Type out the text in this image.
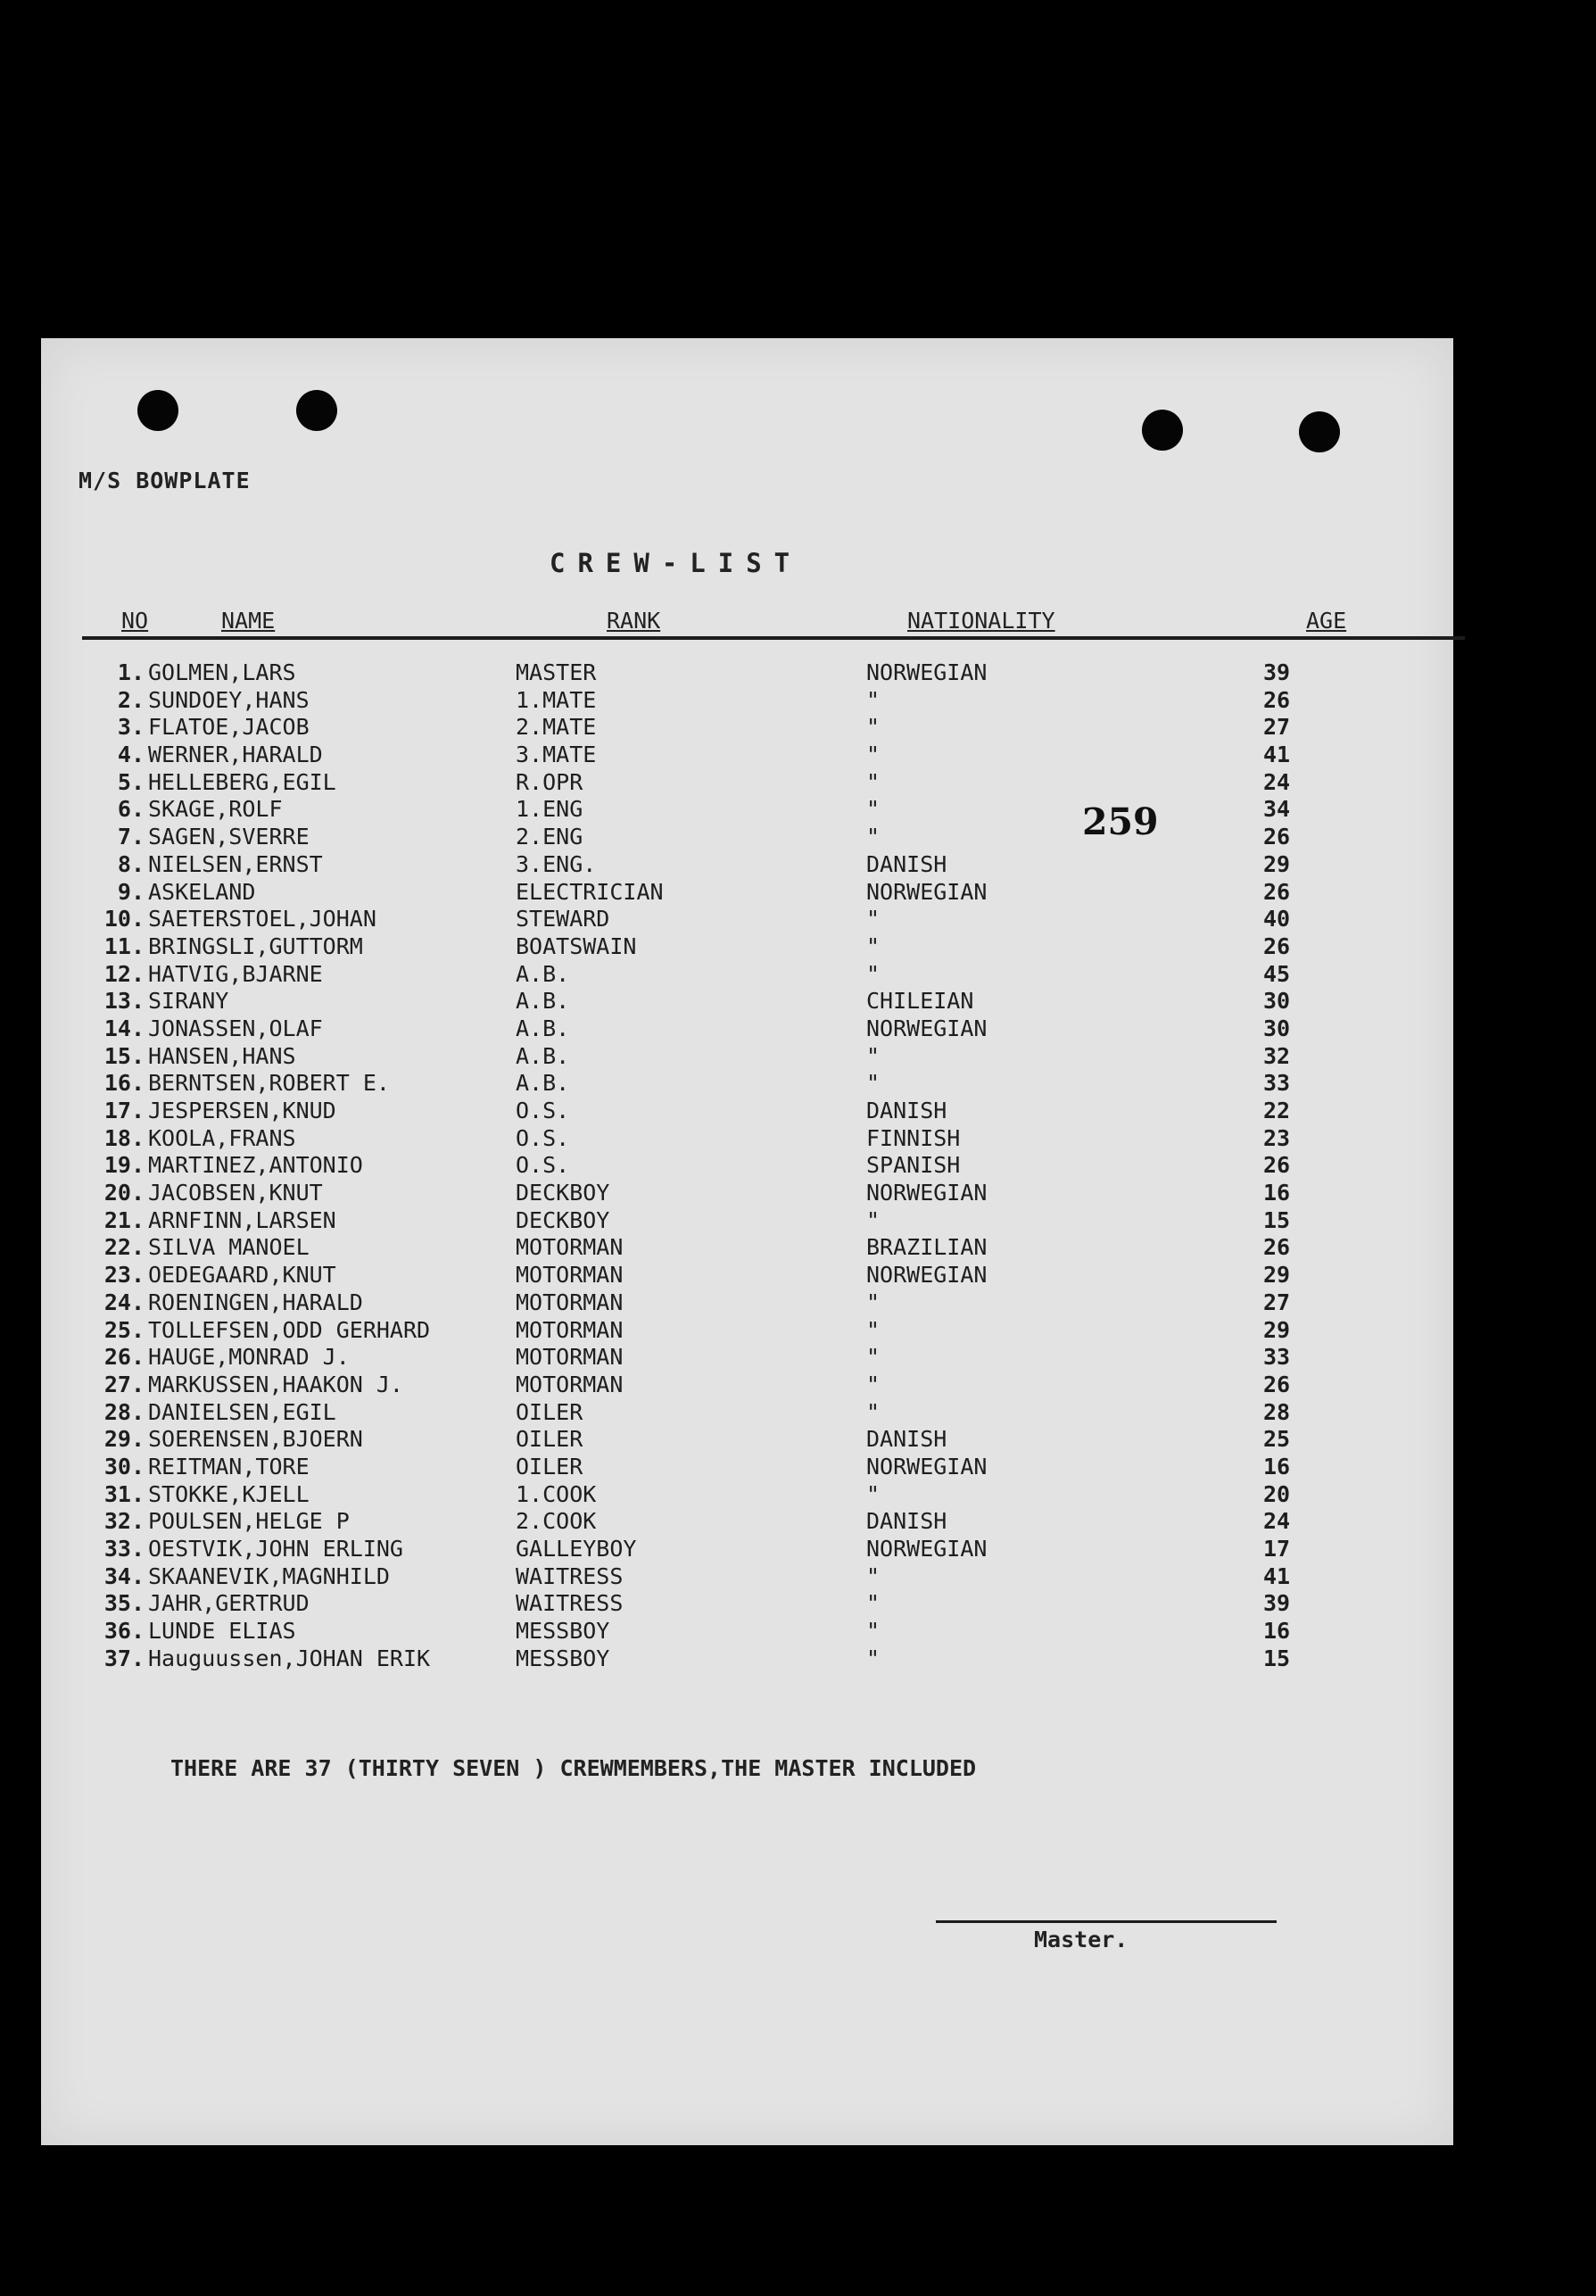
M/S BOWPLATE
CREW-LIST
NO	NAME	RANK	NATIONALITY	AGE
259
1. GOLMEN,LARS	MASTER	NORWEGIAN	39
2. SUNDOEY,HANS	1.MATE	"	26
3. FLATOE,JACOB	2.MATE	"	27
4. WERNER,HARALD	3.MATE	"	41
5. HELLEBERG,EGIL	R.OPR	"	24
6. SKAGE,ROLF	1.ENG	"	34
7. SAGEN,SVERRE	2.ENG	"	26
8. NIELSEN,ERNST	3.ENG.	DANISH	29
9. ASKELAND	ELECTRICIAN	NORWEGIAN	26
10. SAETERSTOEL,JOHAN	STEWARD	"	40
11. BRINGSLI,GUTTORM	BOATSWAIN	"	26
12. HATVIG,BJARNE	A.B.	"	45
13. SIRANY	A.B.	CHILEIAN	30
14. JONASSEN,OLAF	A.B.	NORWEGIAN	30
15. HANSEN,HANS	A.B.	"	32
16. BERNTSEN,ROBERT E.	A.B.	"	33
17. JESPERSEN,KNUD	O.S.	DANISH	22
18. KOOLA,FRANS	O.S.	FINNISH	23
19. MARTINEZ,ANTONIO	O.S.	SPANISH	26
20. JACOBSEN,KNUT	DECKBOY	NORWEGIAN	16
21. ARNFINN,LARSEN	DECKBOY	"	15
22. SILVA MANOEL	MOTORMAN	BRAZILIAN	26
23. OEDEGAARD,KNUT	MOTORMAN	NORWEGIAN	29
24. ROENINGEN,HARALD	MOTORMAN	"	27
25. TOLLEFSEN,ODD GERHARD	MOTORMAN	"	29
26. HAUGE,MONRAD J.	MOTORMAN	"	33
27. MARKUSSEN,HAAKON J.	MOTORMAN	"	26
28. DANIELSEN,EGIL	OILER	"	28
29. SOERENSEN,BJOERN	OILER	DANISH	25
30. REITMAN,TORE	OILER	NORWEGIAN	16
31. STOKKE,KJELL	1.COOK	"	20
32. POULSEN,HELGE P	2.COOK	DANISH	24
33. OESTVIK,JOHN ERLING	GALLEYBOY	NORWEGIAN	17
34. SKAANEVIK,MAGNHILD	WAITRESS	"	41
35. JAHR,GERTRUD	WAITRESS	"	39
36. LUNDE ELIAS	MESSBOY	"	16
37. Hauguussen,JOHAN ERIK	MESSBOY	"	15
THERE ARE 37 (THIRTY SEVEN ) CREWMEMBERS,THE MASTER INCLUDED
Master.
